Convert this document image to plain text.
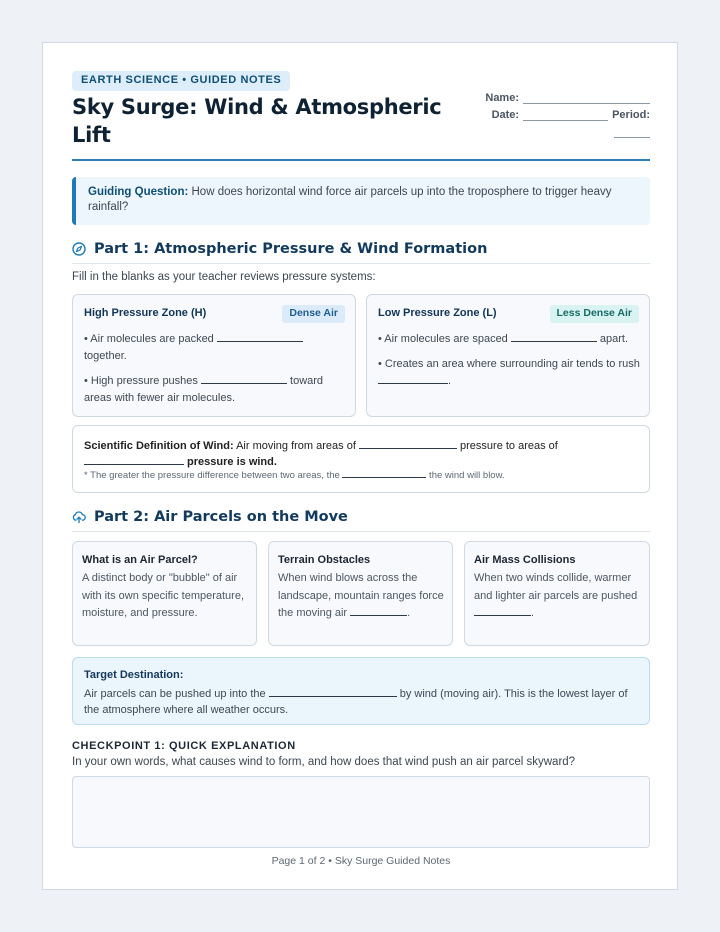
EARTH SCIENCE • GUIDED NOTES
Sky Surge: Wind & Atmospheric Lift
Name:
Date:	Period:
Guiding Question: How does horizontal wind force air parcels up into the troposphere to trigger heavy rainfall?
Part 1: Atmospheric Pressure & Wind Formation
Fill in the blanks as your teacher reviews pressure systems:
High Pressure Zone (H)	Dense Air
• Air molecules are packed  together.
• High pressure pushes	toward areas with fewer air molecules.
Low Pressure Zone (L)	Less Dense Air
• Air molecules are spaced	apart.
• Creates an area where surrounding air tends to rush .
Scientific Definition of Wind: Air moving from areas of	pressure to areas of
pressure is wind.
* The greater the pressure difference between two areas, the	the wind will blow.
Part 2: Air Parcels on the Move
What is an Air Parcel?
A distinct body or "bubble" of air with its own specific temperature, moisture, and pressure.
Terrain Obstacles
When wind blows across the landscape, mountain ranges force the moving air	.
Air Mass Collisions
When two winds collide, warmer and lighter air parcels are pushed .
Target Destination:
Air parcels can be pushed up into the	by wind (moving air). This is the lowest layer of the atmosphere where all weather occurs.
CHECKPOINT 1: QUICK EXPLANATION
In your own words, what causes wind to form, and how does that wind push an air parcel skyward?
Page 1 of 2 • Sky Surge Guided Notes
